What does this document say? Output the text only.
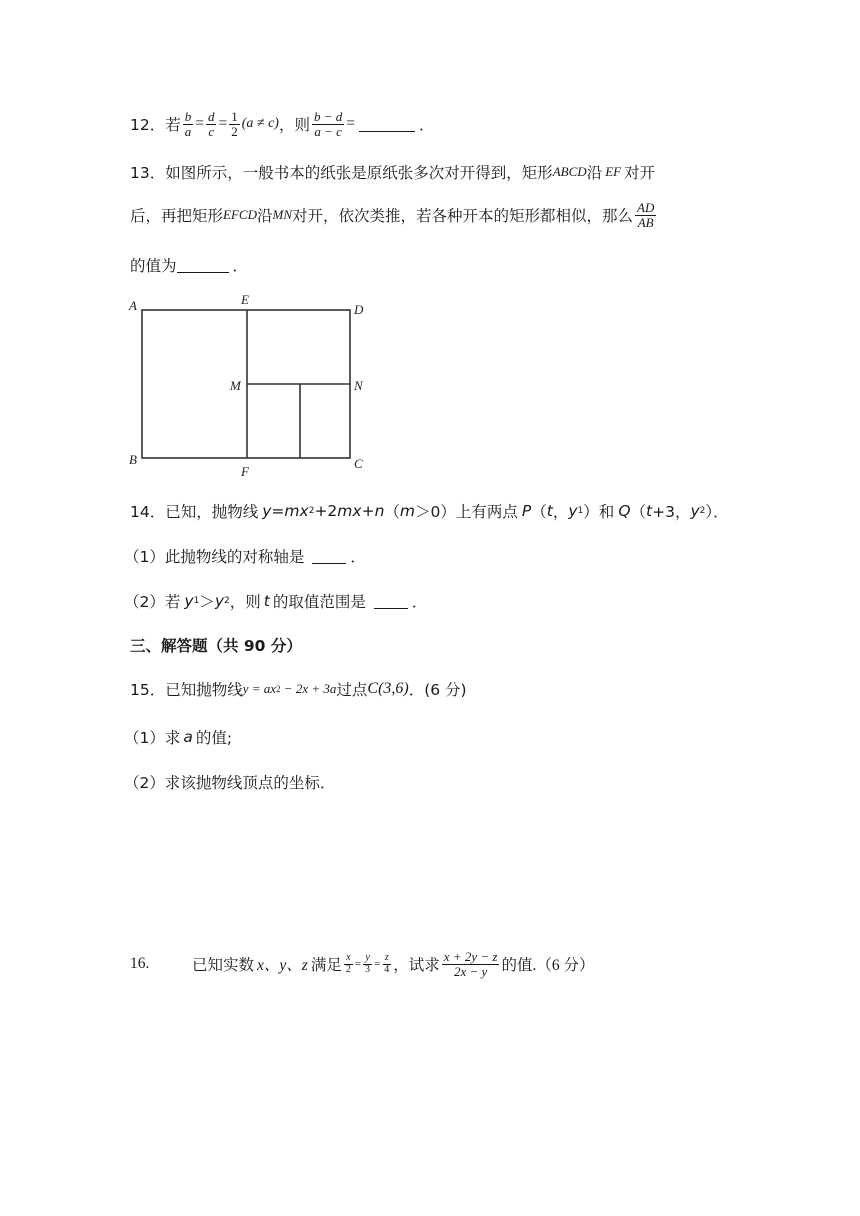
12．若 $\frac{b}{a} = \frac{d}{c} = \frac{1}{2} (a \ne c)$ ，则 $\frac{b - d}{a - c}$ =	．
13．如图所示，一般书本的纸张是原纸张多次对开得到，矩形 ABCD 沿 EF 对开
后，再把矩形 EFCD 沿 MN 对开，依次类推，若各种开本的矩形都相似，那么 $\frac{AD}{AB}$
的值为	．
A
B	C
D
E
F
M	N
14．已知，抛物线 y = mx 2 +2 mx + n （ m ＞0）上有两点 P （ t ， y 1 ）和 Q （ t +3， y 2 ）．
（1）此抛物线的对称轴是	．
（2）若 y 1 ＞ y 2 ，则 t 的取值范围是	．
三、解答题（共 90 分）
15．已知抛物线 y = ax 2 − 2x + 3a 过点 C(3,6) ．(6 分)
（1）求 a 的值;
（2）求该抛物线顶点的坐标．
16.	已知实数 x、y、z 满足 $\frac{x}{2} = \frac{y}{3} = \frac{z}{4}$ ，试求 $\frac{x + 2y - z}{2x - y}$ 的值.（6 分）
